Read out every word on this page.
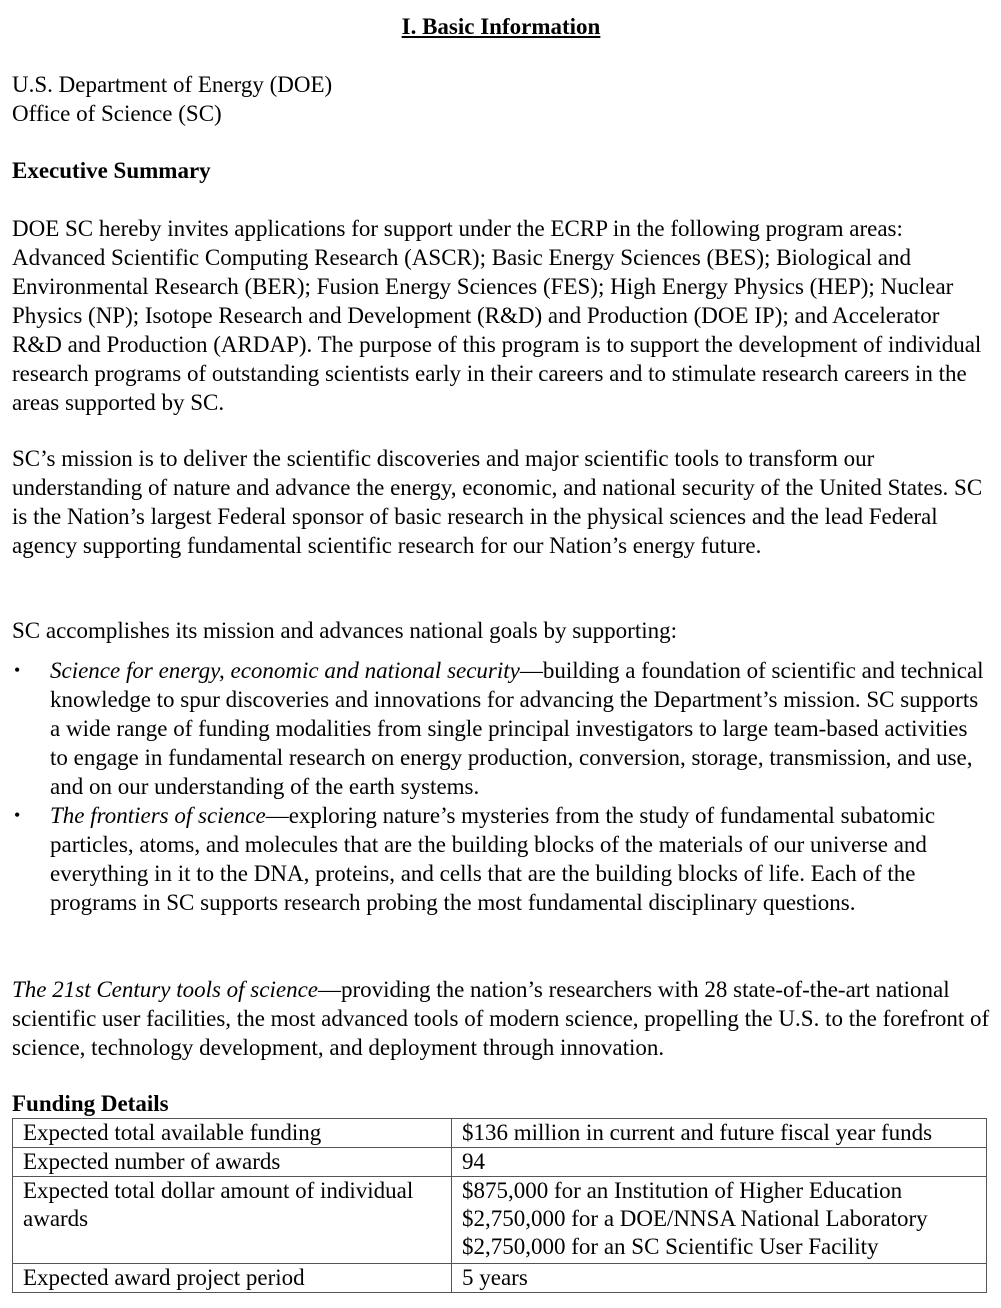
I. Basic Information
U.S. Department of Energy (DOE)
Office of Science (SC)
Executive Summary

DOE SC hereby invites applications for support under the ECRP in the following program areas: Advanced Scientific Computing Research (ASCR); Basic Energy Sciences (BES); Biological and Environmental Research (BER); Fusion Energy Sciences (FES); High Energy Physics (HEP); Nuclear Physics (NP); Isotope Research and Development (R&D) and Production (DOE IP); and Accelerator R&D and Production (ARDAP). The purpose of this program is to support the development of individual research programs of outstanding scientists early in their careers and to stimulate research careers in the areas supported by SC.

SC’s mission is to deliver the scientific discoveries and major scientific tools to transform our understanding of nature and advance the energy, economic, and national security of the United States. SC is the Nation’s largest Federal sponsor of basic research in the physical sciences and the lead Federal agency supporting fundamental scientific research for our Nation’s energy future.

SC accomplishes its mission and advances national goals by supporting:

• Science for energy, economic and national security—building a foundation of scientific and technical knowledge to spur discoveries and innovations for advancing the Department’s mission. SC supports a wide range of funding modalities from single principal investigators to large team-based activities to engage in fundamental research on energy production, conversion, storage, transmission, and use, and on our understanding of the earth systems.
• The frontiers of science—exploring nature’s mysteries from the study of fundamental subatomic particles, atoms, and molecules that are the building blocks of the materials of our universe and everything in it to the DNA, proteins, and cells that are the building blocks of life. Each of the programs in SC supports research probing the most fundamental disciplinary questions.

The 21st Century tools of science—providing the nation’s researchers with 28 state-of-the-art national scientific user facilities, the most advanced tools of modern science, propelling the U.S. to the forefront of science, technology development, and deployment through innovation.

Funding Details
Expected total available funding	$136 million in current and future fiscal year funds
Expected number of awards	94
Expected total dollar amount of individual awards	$875,000 for an Institution of Higher Education
$2,750,000 for a DOE/NNSA National Laboratory
$2,750,000 for an SC Scientific User Facility

Expected award project period	5 years
